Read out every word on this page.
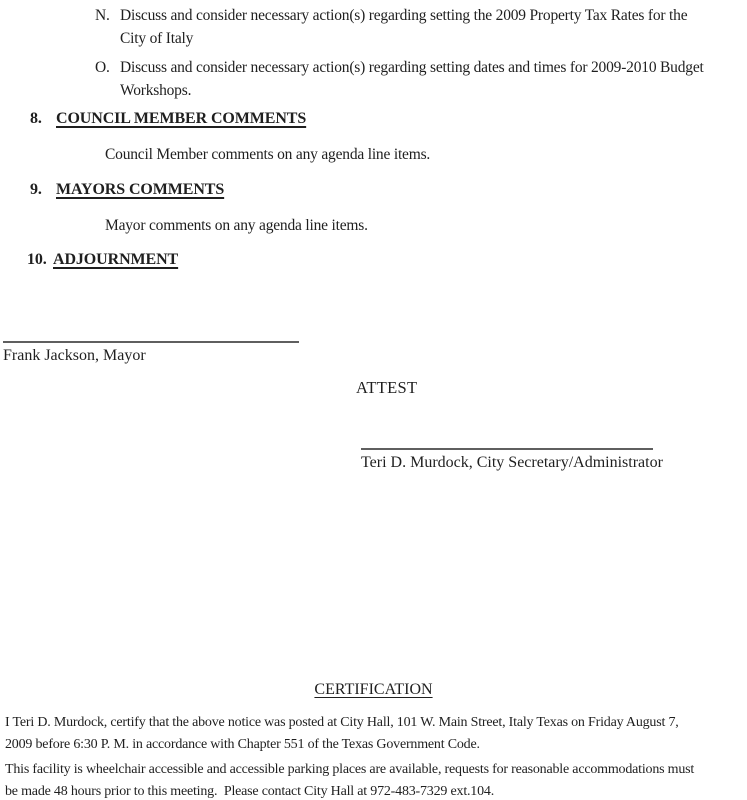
N. Discuss and consider necessary action(s) regarding setting the 2009 Property Tax Rates for the
City of Italy
O. Discuss and consider necessary action(s) regarding setting dates and times for 2009-2010 Budget
Workshops.
8. COUNCIL MEMBER COMMENTS
Council Member comments on any agenda line items.
9. MAYORS COMMENTS
Mayor comments on any agenda line items.
10. ADJOURNMENT
Frank Jackson, Mayor
ATTEST
Teri D. Murdock, City Secretary/Administrator
CERTIFICATION
I Teri D. Murdock, certify that the above notice was posted at City Hall, 101 W. Main Street, Italy Texas on Friday August 7,
2009 before 6:30 P. M. in accordance with Chapter 551 of the Texas Government Code.
This facility is wheelchair accessible and accessible parking places are available, requests for reasonable accommodations must
be made 48 hours prior to this meeting.  Please contact City Hall at 972-483-7329 ext.104.
